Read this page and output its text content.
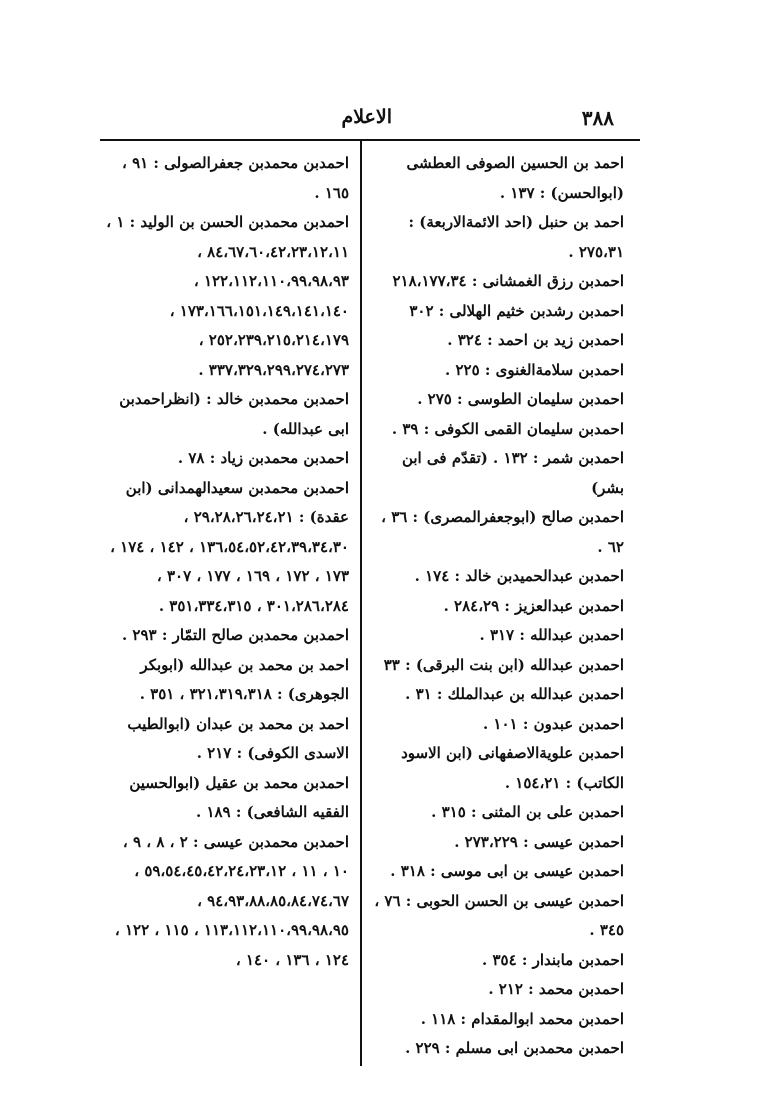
٣٨٨
الاعلام

احمد بن الحسين الصوفى العطشى (ابوالحسن) : ١٣٧ .

احمد بن حنبل (احد الائمةالاربعة) : ٢٧٥،٣١ .

احمدبن رزق الغمشانى : ٢١٨،١٧٧،٣٤

احمدبن رشدبن خثيم الهلالى : ٣٠٢

احمدبن زيد بن احمد : ٣٢٤ .

احمدبن سلامةالغنوى : ٢٢٥ .

احمدبن سليمان الطوسى : ٢٧٥ .

احمدبن سليمان القمى الكوفى : ٣٩ .

احمدبن شمر : ١٣٢ . (تقدّم فى ابن بشر)

احمدبن صالح (ابوجعفرالمصرى) : ٣٦ ، ٦٢ .

احمدبن عبدالحميدبن خالد : ١٧٤ .

احمدبن عبدالعزيز : ٢٨٤،٢٩ .

احمدبن عبدالله : ٣١٧ .

احمدبن عبدالله (ابن بنت البرقى) : ٣٣

احمدبن عبدالله بن عبدالملك : ٣١ .

احمدبن عبدون : ١٠١ .

احمدبن علويةالاصفهانى (ابن الاسود الكاتب) : ١٥٤،٢١ .

احمدبن على بن المثنى : ٣١٥ .

احمدبن عيسى : ٢٧٣،٢٢٩ .

احمدبن عيسى بن ابى موسى : ٣١٨ .

احمدبن عيسى بن الحسن الحوبى : ٧٦ ، ٣٤٥ .

احمدبن مابندار : ٣٥٤ .

احمدبن محمد : ٢١٢ .

احمدبن محمد ابوالمقدام : ١١٨ .

احمدبن محمدبن ابى مسلم : ٢٢٩ .

احمدبن محمدبن جعفرالصولى : ٩١ ، ١٦٥ .

احمدبن محمدبن الحسن بن الوليد : ١ ، ٨٤،٦٧،٦٠،٤٢،٢٣،١٢،١١ ، ١٢٢،١١٢،١١٠،٩٩،٩٨،٩٣ ، ١٧٣،١٦٦،١٥١،١٤٩،١٤١،١٤٠ ، ٢٥٢،٢٣٩،٢١٥،٢١٤،١٧٩ ، ٣٣٧،٣٢٩،٢٩٩،٢٧٤،٢٧٣ .

احمدبن محمدبن خالد : (انظراحمدبن ابى عبدالله) .

احمدبن محمدبن زياد : ٧٨ .

احمدبن محمدبن سعيدالهمدانى (ابن عقدة) : ٢٩،٢٨،٢٦،٢٤،٢١ ، ١٣٦،٥٤،٥٢،٤٢،٣٩،٣٤،٣٠ ، ١٤٢ ، ١٧٤ ، ١٧٣ ، ١٧٢ ، ١٦٩ ، ١٧٧ ، ٣٠٧ ، ٣٠١،٢٨٦،٢٨٤ ، ٣٥١،٣٣٤،٣١٥ .

احمدبن محمدبن صالح التمّار : ٢٩٣ .

احمد بن محمد بن عبدالله (ابوبكر الجوهرى) : ٣٢١،٣١٩،٣١٨ ، ٣٥١ .

احمد بن محمد بن عبدان (ابوالطيب الاسدى الكوفى) : ٢١٧ .

احمدبن محمد بن عقيل (ابوالحسين الفقيه الشافعى) : ١٨٩ .

احمدبن محمدبن عيسى : ٢ ، ٨ ، ٩ ، ١٠ ، ١١ ، ٥٩،٥٤،٤٥،٤٢،٢٤،٢٣،١٢ ، ٩٤،٩٣،٨٨،٨٥،٨٤،٧٤،٦٧ ، ١١٣،١١٢،١١٠،٩٩،٩٨،٩٥ ، ١١٥ ، ١٢٢ ، ١٢٤ ، ١٣٦ ، ١٤٠ ،
